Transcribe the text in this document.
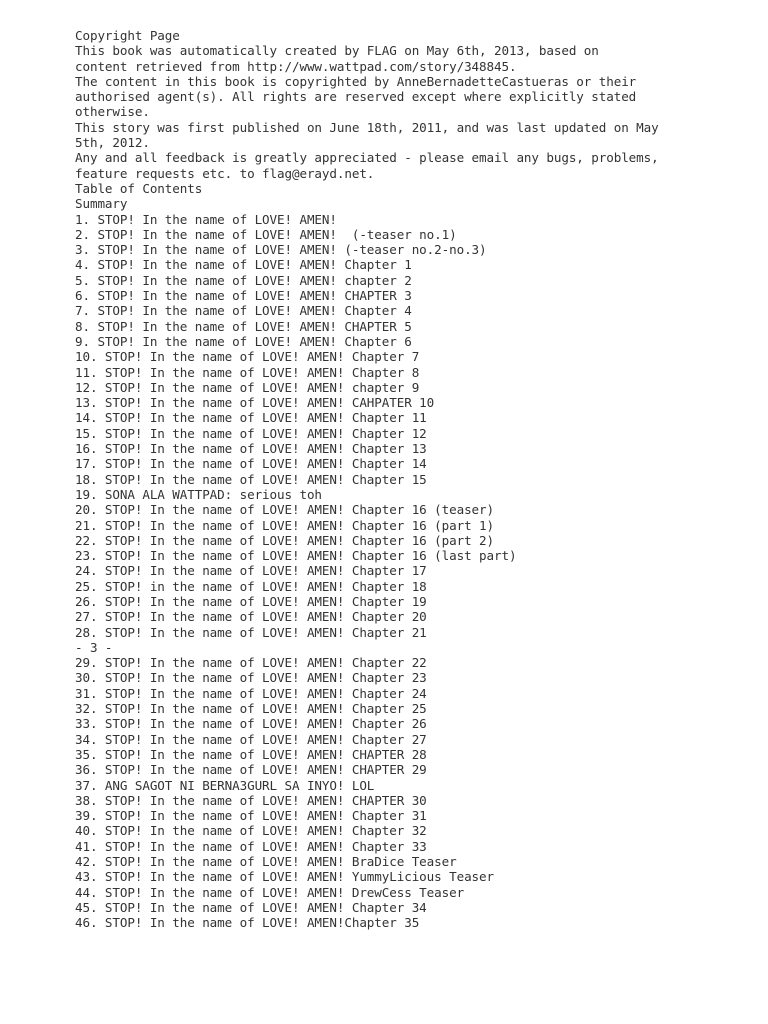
Copyright Page
This book was automatically created by FLAG on May 6th, 2013, based on
content retrieved from http://www.wattpad.com/story/348845.
The content in this book is copyrighted by AnneBernadetteCastueras or their
authorised agent(s). All rights are reserved except where explicitly stated
otherwise.
This story was first published on June 18th, 2011, and was last updated on May
5th, 2012.
Any and all feedback is greatly appreciated - please email any bugs, problems,
feature requests etc. to flag@erayd.net.
Table of Contents
Summary
1. STOP! In the name of LOVE! AMEN!
2. STOP! In the name of LOVE! AMEN!  (-teaser no.1)
3. STOP! In the name of LOVE! AMEN! (-teaser no.2-no.3)
4. STOP! In the name of LOVE! AMEN! Chapter 1
5. STOP! In the name of LOVE! AMEN! chapter 2
6. STOP! In the name of LOVE! AMEN! CHAPTER 3
7. STOP! In the name of LOVE! AMEN! Chapter 4
8. STOP! In the name of LOVE! AMEN! CHAPTER 5
9. STOP! In the name of LOVE! AMEN! Chapter 6
10. STOP! In the name of LOVE! AMEN! Chapter 7
11. STOP! In the name of LOVE! AMEN! Chapter 8
12. STOP! In the name of LOVE! AMEN! chapter 9
13. STOP! In the name of LOVE! AMEN! CAHPATER 10
14. STOP! In the name of LOVE! AMEN! Chapter 11
15. STOP! In the name of LOVE! AMEN! Chapter 12
16. STOP! In the name of LOVE! AMEN! Chapter 13
17. STOP! In the name of LOVE! AMEN! Chapter 14
18. STOP! In the name of LOVE! AMEN! Chapter 15
19. SONA ALA WATTPAD: serious toh
20. STOP! In the name of LOVE! AMEN! Chapter 16 (teaser)
21. STOP! In the name of LOVE! AMEN! Chapter 16 (part 1)
22. STOP! In the name of LOVE! AMEN! Chapter 16 (part 2)
23. STOP! In the name of LOVE! AMEN! Chapter 16 (last part)
24. STOP! In the name of LOVE! AMEN! Chapter 17
25. STOP! in the name of LOVE! AMEN! Chapter 18
26. STOP! In the name of LOVE! AMEN! Chapter 19
27. STOP! In the name of LOVE! AMEN! Chapter 20
28. STOP! In the name of LOVE! AMEN! Chapter 21
- 3 -
29. STOP! In the name of LOVE! AMEN! Chapter 22
30. STOP! In the name of LOVE! AMEN! Chapter 23
31. STOP! In the name of LOVE! AMEN! Chapter 24
32. STOP! In the name of LOVE! AMEN! Chapter 25
33. STOP! In the name of LOVE! AMEN! Chapter 26
34. STOP! In the name of LOVE! AMEN! Chapter 27
35. STOP! In the name of LOVE! AMEN! CHAPTER 28
36. STOP! In the name of LOVE! AMEN! CHAPTER 29
37. ANG SAGOT NI BERNA3GURL SA INYO! LOL
38. STOP! In the name of LOVE! AMEN! CHAPTER 30
39. STOP! In the name of LOVE! AMEN! Chapter 31
40. STOP! In the name of LOVE! AMEN! Chapter 32
41. STOP! In the name of LOVE! AMEN! Chapter 33
42. STOP! In the name of LOVE! AMEN! BraDice Teaser
43. STOP! In the name of LOVE! AMEN! YummyLicious Teaser
44. STOP! In the name of LOVE! AMEN! DrewCess Teaser
45. STOP! In the name of LOVE! AMEN! Chapter 34
46. STOP! In the name of LOVE! AMEN!Chapter 35
